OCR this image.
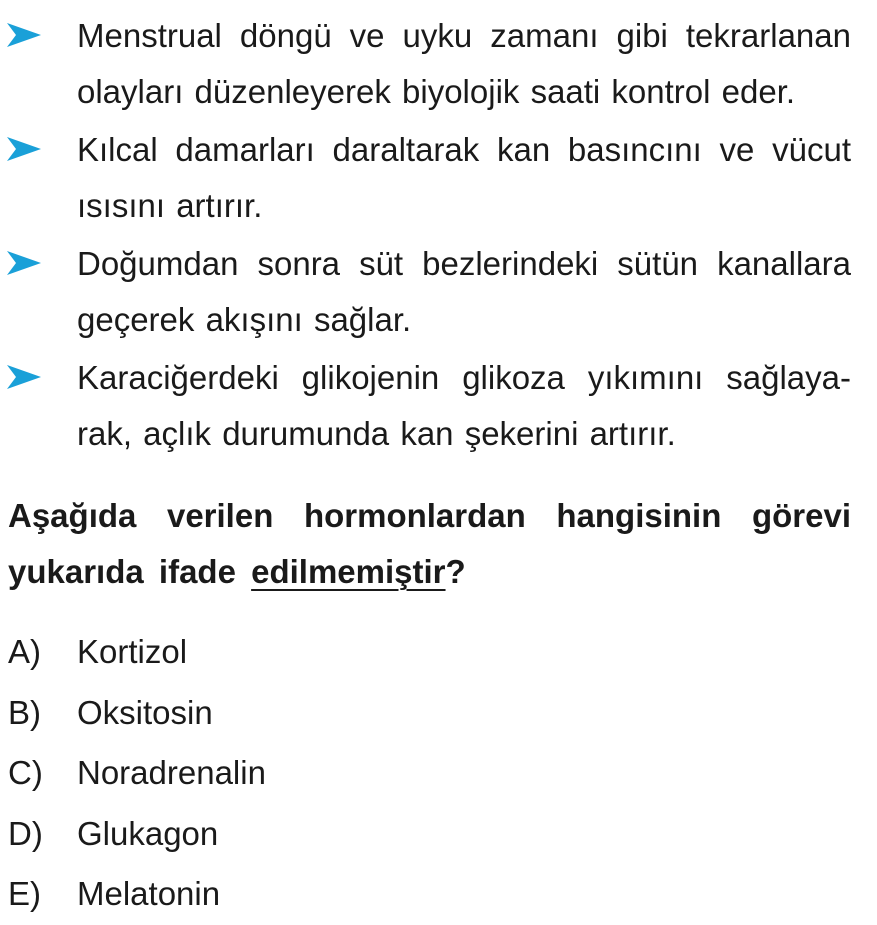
Menstrual döngü ve uyku zamanı gibi tekrarlanan olayları düzenleyerek biyolojik saati kontrol eder.
Kılcal damarları daraltarak kan basıncını ve vücut ısısını artırır.
Doğumdan sonra süt bezlerindeki sütün kanallara geçerek akışını sağlar.
Karaciğerdeki glikojenin glikoza yıkımını sağlaya-rak, açlık durumunda kan şekerini artırır.
Aşağıda verilen hormonlardan hangisinin görevi yukarıda ifade edilmemiştir?
A) Kortizol
B) Oksitosin
C) Noradrenalin
D) Glukagon
E) Melatonin
